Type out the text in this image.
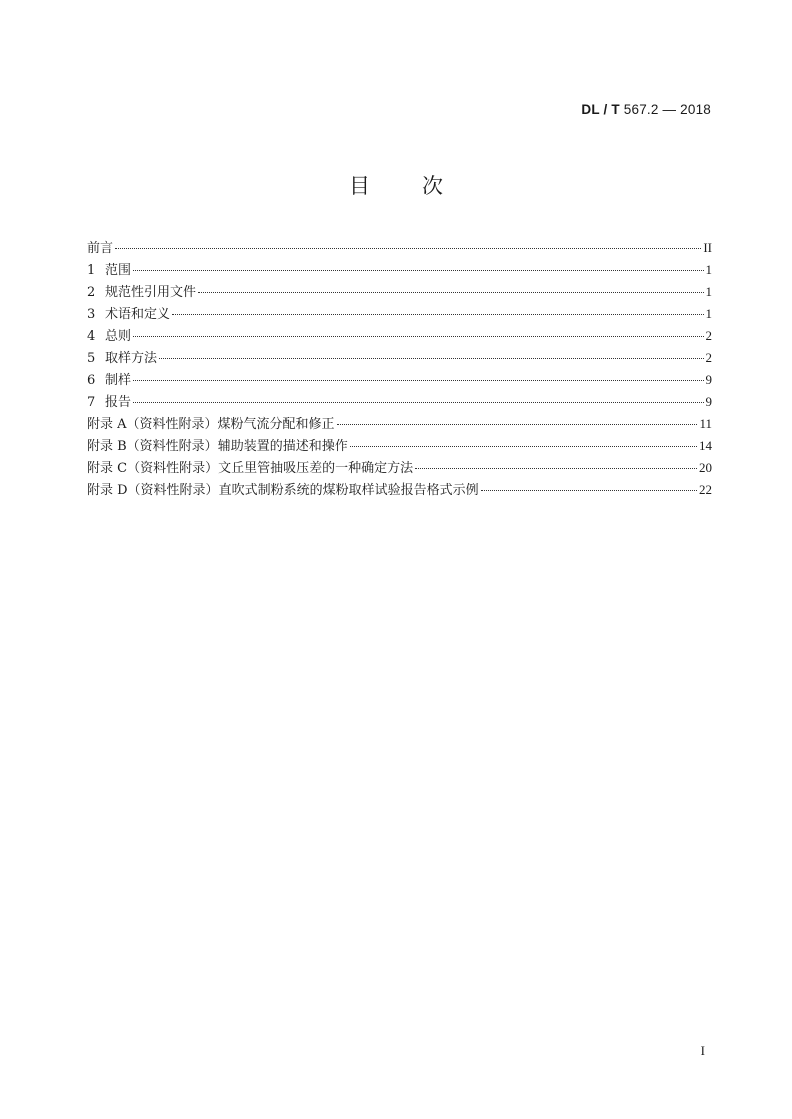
DL / T 567.2 — 2018
目 次
前言	II
1 范围	1
2 规范性引用文件	1
3 术语和定义	1
4 总则	2
5 取样方法	2
6 制样	9
7 报告	9
附录 A（资料性附录） 煤粉气流分配和修正	11
附录 B（资料性附录） 辅助装置的描述和操作	14
附录 C（资料性附录） 文丘里管抽吸压差的一种确定方法	20
附录 D（资料性附录） 直吹式制粉系统的煤粉取样试验报告格式示例	22
I
